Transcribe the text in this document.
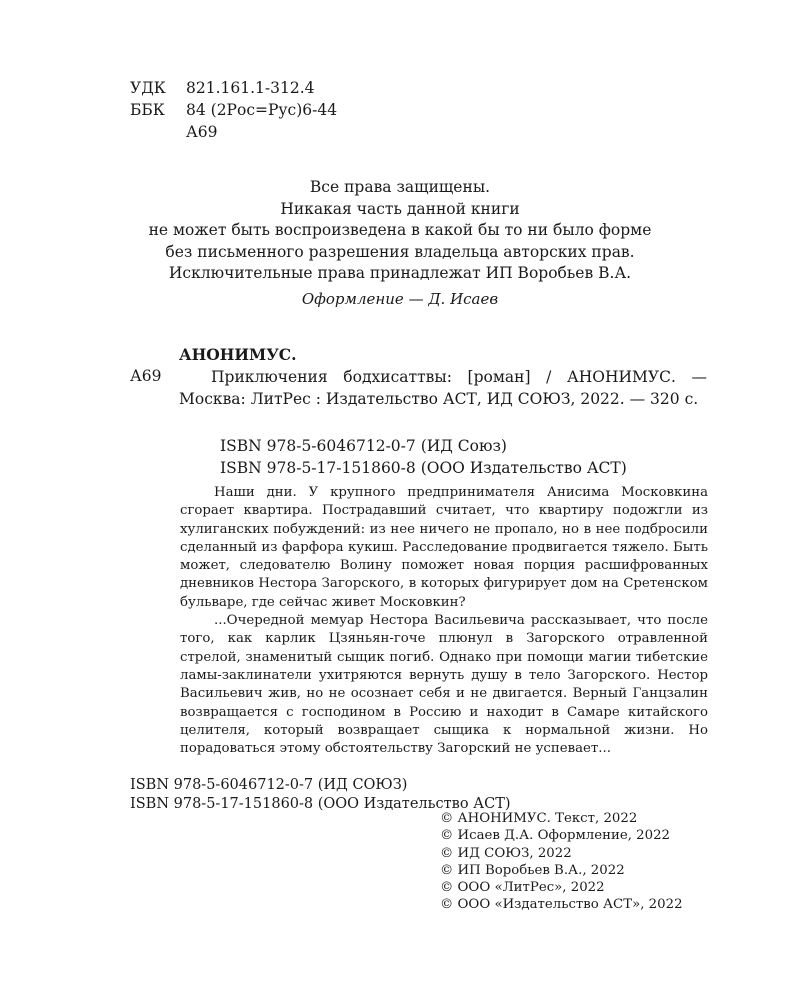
УДК 821.161.1-312.4
ББК 84 (2Рос=Рус)6-44
А69
Все права защищены.
Никакая часть данной книги
не может быть воспроизведена в какой бы то ни было форме
без письменного разрешения владельца авторских прав.
Исключительные права принадлежат ИП Воробьев В.А.
Оформление — Д. Исаев
АНОНИМУС.
А69	Приключения бодхисаттвы: [роман] / АНОНИМУС. — Москва: ЛитРес : Издательство АСТ, ИД СОЮЗ, 2022. — 320 с.
ISBN 978-5-6046712-0-7 (ИД Союз)
ISBN 978-5-17-151860-8 (ООО Издательство АСТ)

Наши дни. У крупного предпринимателя Анисима Московкина сгорает квартира. Пострадавший считает, что квартиру подожгли из хулиганских побуждений: из нее ничего не пропало, но в нее подбросили сделанный из фарфора кукиш. Расследование продвигается тяжело. Быть может, следователю Волину поможет новая порция расшифрованных дневников Нестора Загорского, в которых фигурирует дом на Сретенском бульваре, где сейчас живет Московкин?

...Очередной мемуар Нестора Васильевича рассказывает, что после того, как карлик Цзяньян-гоче плюнул в Загорского отравленной стрелой, знаменитый сыщик погиб. Однако при помощи магии тибетские ламы-заклинатели ухитряются вернуть душу в тело Загорского. Нестор Васильевич жив, но не осознает себя и не двигается. Верный Ганцзалин возвращается с господином в Россию и находит в Самаре китайского целителя, который возвращает сыщика к нормальной жизни. Но порадоваться этому обстоятельству Загорский не успевает...

ISBN 978-5-6046712-0-7 (ИД СОЮЗ)
ISBN 978-5-17-151860-8 (ООО Издательство АСТ)
© АНОНИМУС. Текст, 2022
© Исаев Д.А. Оформление, 2022
© ИД СОЮЗ, 2022
© ИП Воробьев В.А., 2022
© ООО «ЛитРес», 2022
© ООО «Издательство АСТ», 2022
